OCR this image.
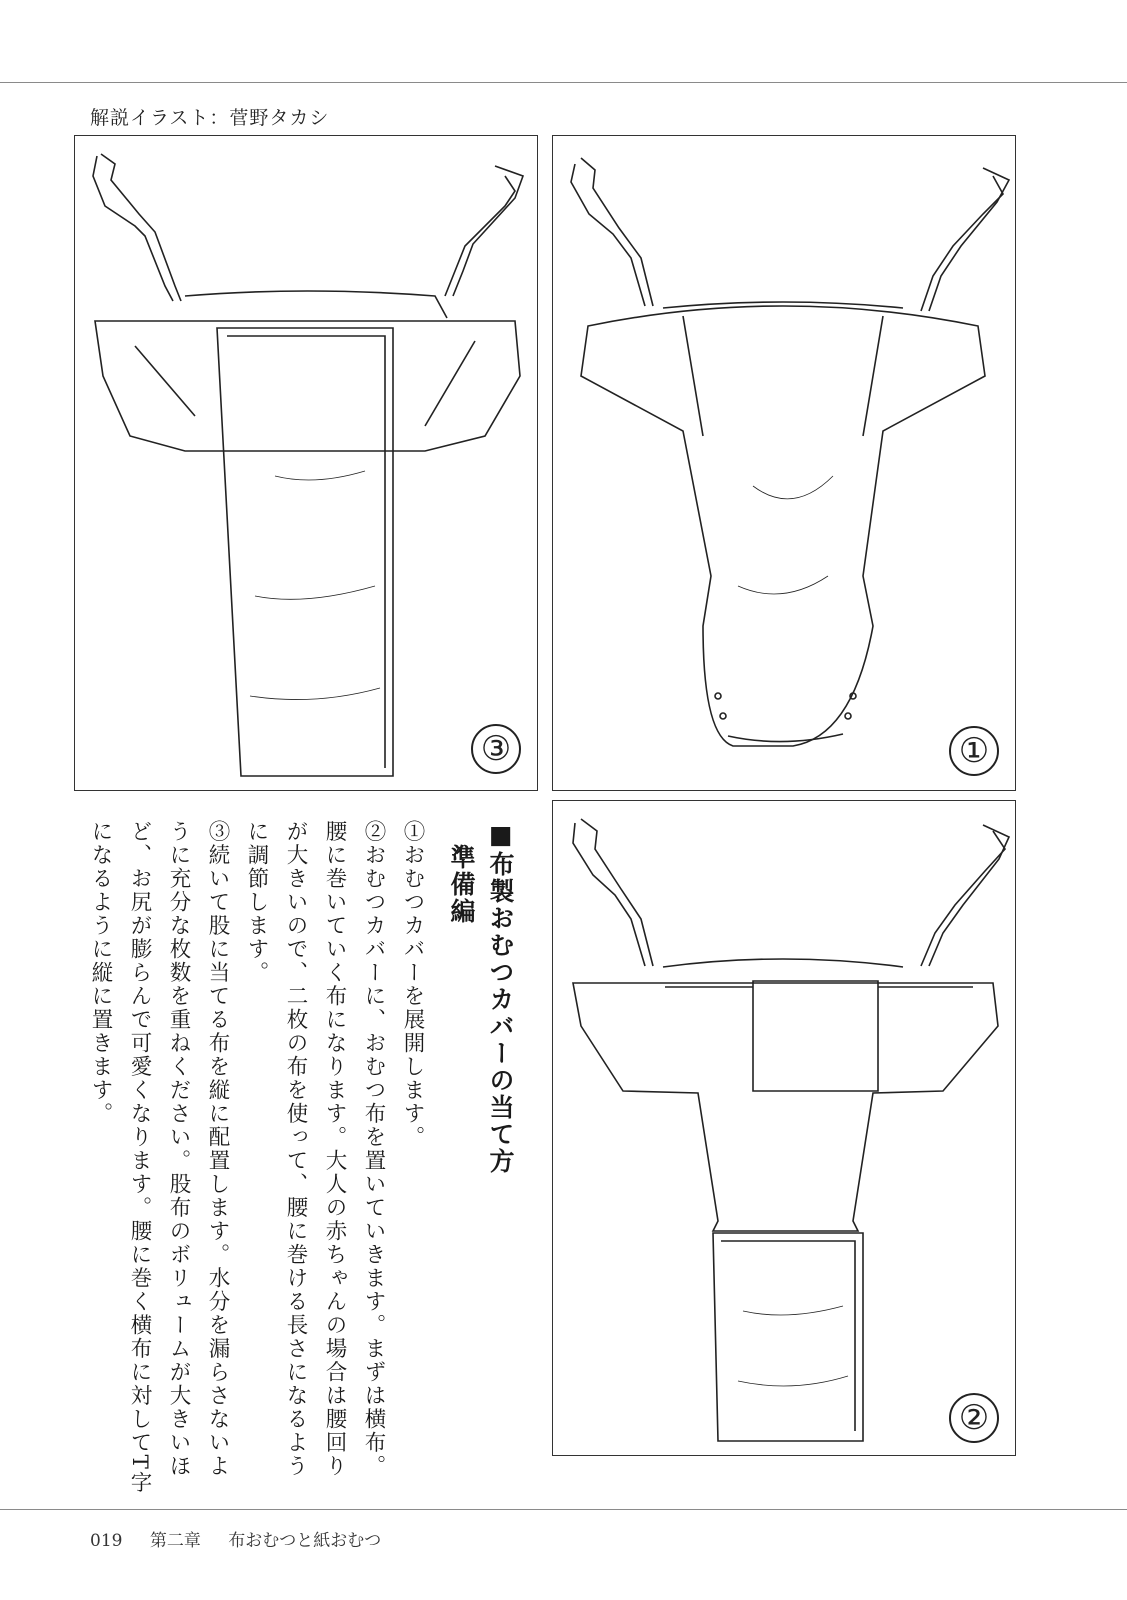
解説イラスト：菅野タカシ
③	①
②

■布製おむつカバーの当て方
準備編

①おむつカバーを展開します。

②おむつカバーに、おむつ布を置いていきます。まずは横布。腰に巻いていく布になります。大人の赤ちゃんの場合は腰回りが大きいので、二枚の布を使って、腰に巻ける長さになるように調節します。

③続いて股に当てる布を縦に配置します。水分を漏らさないように充分な枚数を重ねください。股布のボリュームが大きいほど、お尻が膨らんで可愛くなります。腰に巻く横布に対してT字になるように縦に置きます。

019 第二章 布おむつと紙おむつ
